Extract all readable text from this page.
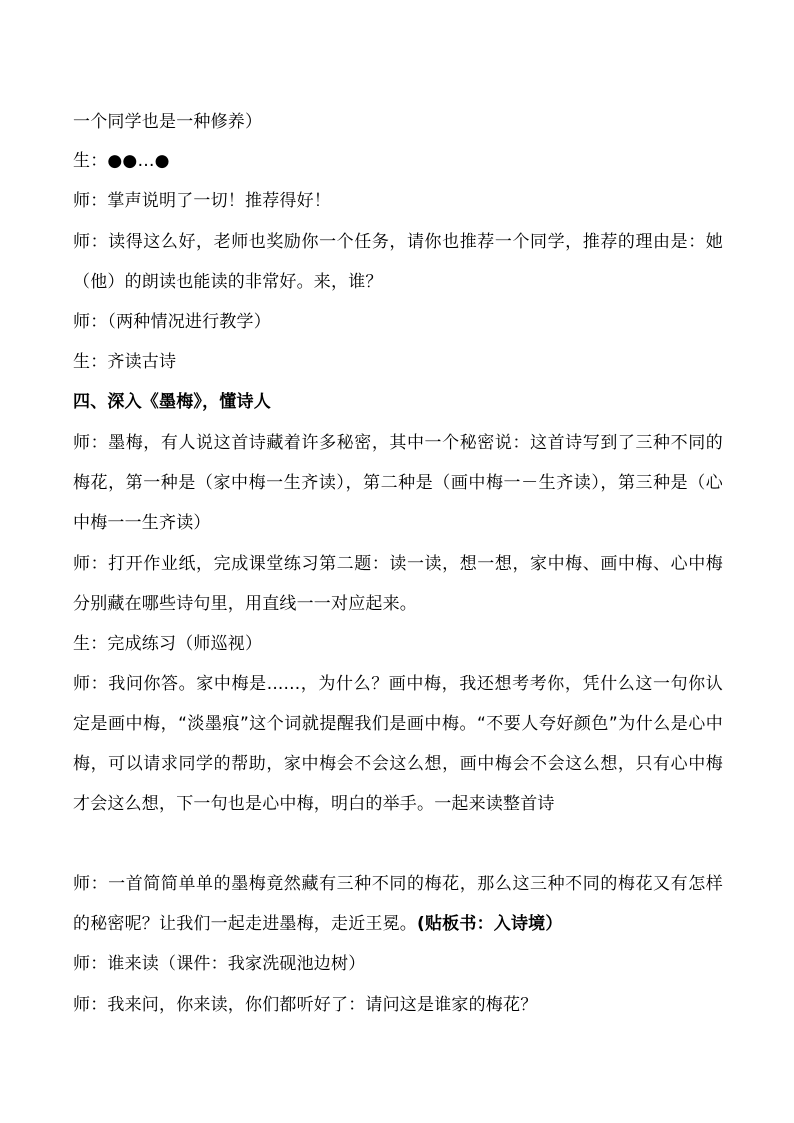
一个同学也是一种修养）
生：●●…●
师：掌声说明了一切！推荐得好！
师：读得这么好，老师也奖励你一个任务，请你也推荐一个同学，推荐的理由是：她（他）的朗读也能读的非常好。来，谁？
师：（两种情况进行教学）
生：齐读古诗
四、深入《墨梅》，懂诗人
师：墨梅，有人说这首诗藏着许多秘密，其中一个秘密说：这首诗写到了三种不同的梅花，第一种是（家中梅一生齐读），第二种是（画中梅一－生齐读），第三种是（心中梅一一生齐读）
师：打开作业纸，完成课堂练习第二题：读一读，想一想，家中梅、画中梅、心中梅分别藏在哪些诗句里，用直线一一对应起来。
生：完成练习（师巡视）
师：我问你答。家中梅是......，为什么？画中梅，我还想考考你，凭什么这一句你认定是画中梅，“淡墨痕”这个词就提醒我们是画中梅。“不要人夸好颜色”为什么是心中梅，可以请求同学的帮助，家中梅会不会这么想，画中梅会不会这么想，只有心中梅才会这么想，下一句也是心中梅，明白的举手。一起来读整首诗
师：一首简简单单的墨梅竟然藏有三种不同的梅花，那么这三种不同的梅花又有怎样的秘密呢？让我们一起走进墨梅，走近王冕。(贴板书：入诗境）
师：谁来读（课件：我家洗砚池边树）
师：我来问，你来读，你们都听好了：请问这是谁家的梅花？
